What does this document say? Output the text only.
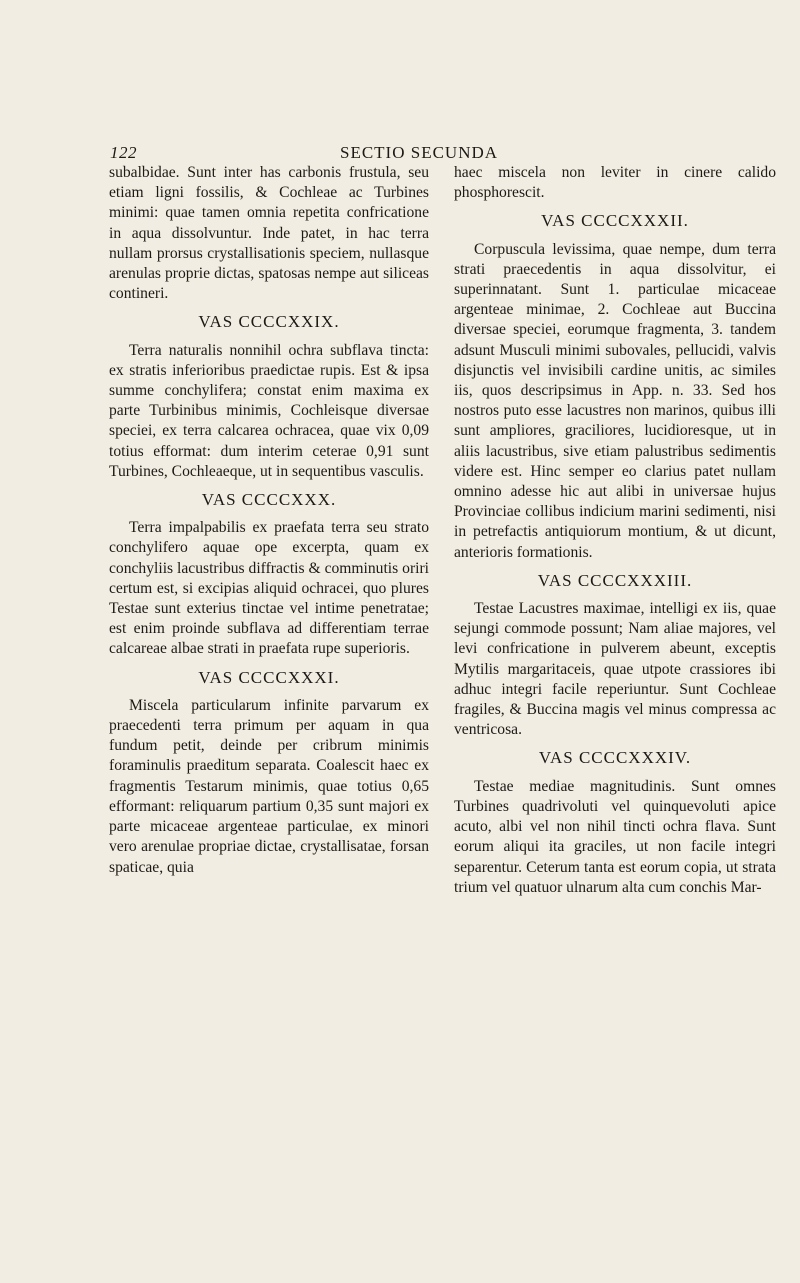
122	SECTIO SECUNDA

subalbidae. Sunt inter has carbonis frustula, seu etiam ligni fossilis, & Cochleae ac Turbines minimi: quae tamen omnia repetita confricatione in aqua dissolvuntur. Inde patet, in hac terra nullam prorsus crystallisationis speciem, nullasque arenulas proprie dictas, spatosas nempe aut siliceas contineri.

VAS CCCCXXIX.

Terra naturalis nonnihil ochra subflava tincta: ex stratis inferioribus praedictae rupis. Est & ipsa summe conchylifera; constat enim maxima ex parte Turbinibus minimis, Cochleisque diversae speciei, ex terra calcarea ochracea, quae vix 0,09 totius efformat: dum interim ceterae 0,91 sunt Turbines, Cochleaeque, ut in sequentibus vasculis.

VAS CCCCXXX.

Terra impalpabilis ex praefata terra seu strato conchylifero aquae ope excerpta, quam ex conchyliis lacustribus diffractis & comminutis oriri certum est, si excipias aliquid ochracei, quo plures Testae sunt exterius tinctae vel intime penetratae; est enim proinde subflava ad differentiam terrae calcareae albae strati in praefata rupe superioris.

VAS CCCCXXXI.

Miscela particularum infinite parvarum ex praecedenti terra primum per aquam in qua fundum petit, deinde per cribrum minimis foraminulis praeditum separata. Coalescit haec ex fragmentis Testarum minimis, quae totius 0,65 efformant: reliquarum partium 0,35 sunt majori ex parte micaceae argenteae particulae, ex minori vero arenulae propriae dictae, crystallisatae, forsan spaticae, quia

haec miscela non leviter in cinere calido phosphorescit.

VAS CCCCXXXII.

Corpuscula levissima, quae nempe, dum terra strati praecedentis in aqua dissolvitur, ei superinnatant. Sunt 1. particulae micaceae argenteae minimae, 2. Cochleae aut Buccina diversae speciei, eorumque fragmenta, 3. tandem adsunt Musculi minimi subovales, pellucidi, valvis disjunctis vel invisibili cardine unitis, ac similes iis, quos descripsimus in App. n. 33. Sed hos nostros puto esse lacustres non marinos, quibus illi sunt ampliores, graciliores, lucidioresque, ut in aliis lacustribus, sive etiam palustribus sedimentis videre est. Hinc semper eo clarius patet nullam omnino adesse hic aut alibi in universae hujus Provinciae collibus indicium marini sedimenti, nisi in petrefactis antiquiorum montium, & ut dicunt, anterioris formationis.

VAS CCCCXXXIII.

Testae Lacustres maximae, intelligi ex iis, quae sejungi commode possunt; Nam aliae majores, vel levi confricatione in pulverem abeunt, exceptis Mytilis margaritaceis, quae utpote crassiores ibi adhuc integri facile reperiuntur. Sunt Cochleae fragiles, & Buccina magis vel minus compressa ac ventricosa.

VAS CCCCXXXIV.

Testae mediae magnitudinis. Sunt omnes Turbines quadrivoluti vel quinquevoluti apice acuto, albi vel non nihil tincti ochra flava. Sunt eorum aliqui ita graciles, ut non facile integri separentur. Ceterum tanta est eorum copia, ut strata trium vel quatuor ulnarum alta cum conchis Mar-
